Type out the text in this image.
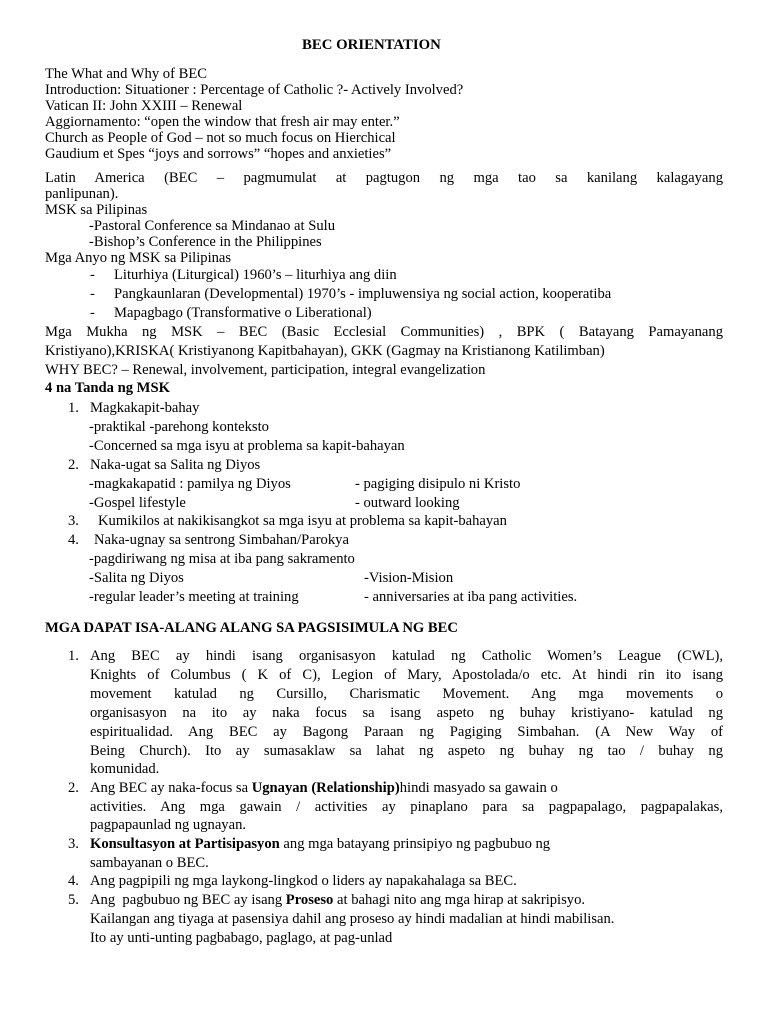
BEC ORIENTATION
The What and Why of BEC
Introduction: Situationer : Percentage of Catholic ?- Actively Involved?
Vatican II: John XXIII – Renewal
Aggiornamento: “open the window that fresh air may enter.”
Church as People of God – not so much focus on Hierchical
Gaudium et Spes “joys and sorrows” “hopes and anxieties”
Latin America (BEC – pagmumulat at pagtugon ng mga tao sa kanilang kalagayang
panlipunan).
MSK sa Pilipinas
-Pastoral Conference sa Mindanao at Sulu
-Bishop’s Conference in the Philippines
Mga Anyo ng MSK sa Pilipinas
- Liturhiya (Liturgical) 1960’s – liturhiya ang diin
- Pangkaunlaran (Developmental) 1970’s - impluwensiya ng social action, kooperatiba
- Mapagbago (Transformative o Liberational)
Mga Mukha ng MSK – BEC (Basic Ecclesial Communities) , BPK ( Batayang Pamayanang
Kristiyano),KRISKA( Kristiyanong Kapitbahayan), GKK (Gagmay na Kristianong Katilimban)
WHY BEC? – Renewal, involvement, participation, integral evangelization
4 na Tanda ng MSK
1. Magkakapit-bahay
-praktikal -parehong konteksto
-Concerned sa mga isyu at problema sa kapit-bahayan
2. Naka-ugat sa Salita ng Diyos
-magkakapatid : pamilya ng Diyos	- pagiging disipulo ni Kristo
-Gospel lifestyle	- outward looking
3. Kumikilos at nakikisangkot sa mga isyu at problema sa kapit-bahayan
4. Naka-ugnay sa sentrong Simbahan/Parokya
-pagdiriwang ng misa at iba pang sakramento
-Salita ng Diyos	-Vision-Mision
-regular leader’s meeting at training	- anniversaries at iba pang activities.
MGA DAPAT ISA-ALANG ALANG SA PAGSISIMULA NG BEC
1. Ang BEC ay hindi isang organisasyon katulad ng Catholic Women’s League (CWL),
Knights of Columbus ( K of C), Legion of Mary, Apostolada/o etc. At hindi rin ito isang
movement katulad ng Cursillo, Charismatic Movement. Ang mga movements o
organisasyon na ito ay naka focus sa isang aspeto ng buhay kristiyano- katulad ng
espiritualidad. Ang BEC ay Bagong Paraan ng Pagiging Simbahan. (A New Way of
Being Church). Ito ay sumasaklaw sa lahat ng aspeto ng buhay ng tao / buhay ng
komunidad.
2. Ang BEC ay naka-focus sa Ugnayan (Relationship)hindi masyado sa gawain o
activities. Ang mga gawain / activities ay pinaplano para sa pagpapalago, pagpapalakas,
pagpapaunlad ng ugnayan.
3. Konsultasyon at Partisipasyon ang mga batayang prinsipiyo ng pagbubuo ng
sambayanan o BEC.
4. Ang pagpipili ng mga laykong-lingkod o liders ay napakahalaga sa BEC.
5. Ang  pagbubuo ng BEC ay isang Proseso at bahagi nito ang mga hirap at sakripisyo.
Kailangan ang tiyaga at pasensiya dahil ang proseso ay hindi madalian at hindi mabilisan.
Ito ay unti-unting pagbabago, paglago, at pag-unlad
